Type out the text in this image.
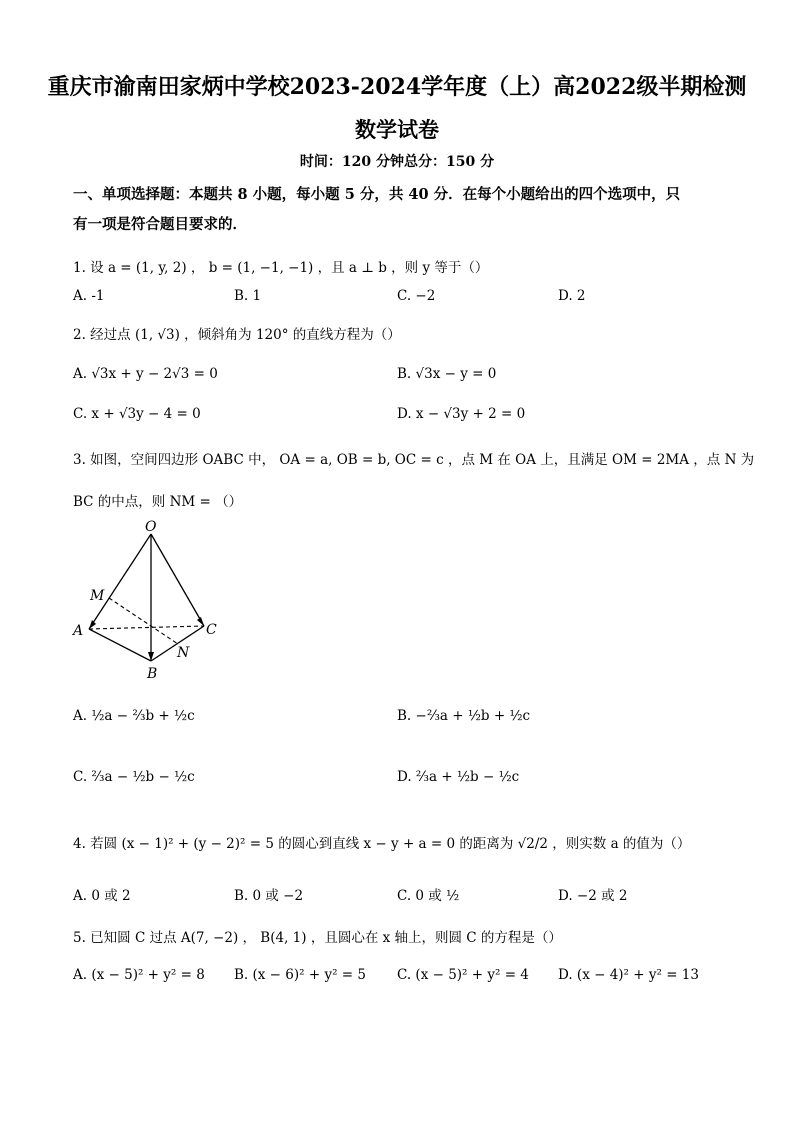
重庆市渝南田家炳中学校2023-2024学年度（上）高2022级半期检测
数学试卷
时间：120 分钟总分：150 分
一、单项选择题：本题共 8 小题，每小题 5 分，共 40 分．在每个小题给出的四个选项中，只
有一项是符合题目要求的．
1. 设 a = (1, y, 2) ， b = (1, −1, −1) ，且 a ⊥ b ，则 y 等于（）
A. -1	B. 1	C. −2	D. 2
2. 经过点 (1, √3) ，倾斜角为 120° 的直线方程为（）
A. √3x + y − 2√3 = 0	B. √3x − y = 0
C. x + √3y − 4 = 0	D. x − √3y + 2 = 0
3. 如图，空间四边形 OABC 中， OA = a, OB = b, OC = c ，点 M 在 OA 上，且满足 OM = 2MA ，点 N 为
BC 的中点，则 NM = （）
O
M
A	C
N
B
A. ½a − ⅔b + ½c	B. −⅔a + ½b + ½c
C. ⅔a − ½b − ½c	D. ⅔a + ½b − ½c
4. 若圆 (x − 1)² + (y − 2)² = 5 的圆心到直线 x − y + a = 0 的距离为 √2/2 ，则实数 a 的值为（）
A. 0 或 2	B. 0 或 −2	C. 0 或 ½	D. −2 或 2
5. 已知圆 C 过点 A(7, −2) ， B(4, 1) ，且圆心在 x 轴上，则圆 C 的方程是（）
A. (x − 5)² + y² = 8 B. (x − 6)² + y² = 5 C. (x − 5)² + y² = 4 D. (x − 4)² + y² = 13
